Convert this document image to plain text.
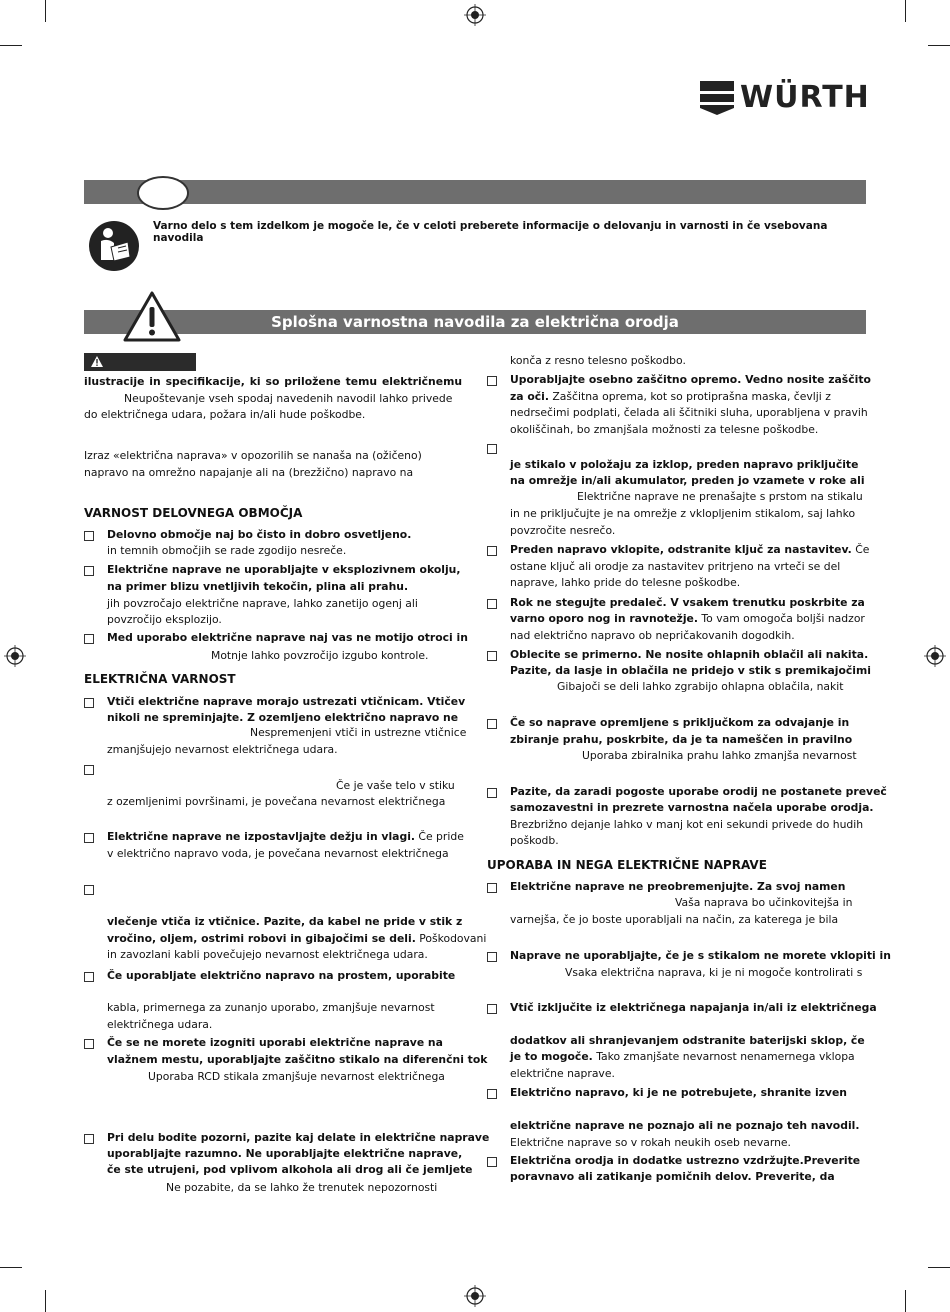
WÜRTH
Varno delo s tem izdelkom je mogoče le, če v celoti preberete informacije o delovanju in varnosti in če vsebovana navodila
Splošna varnostna navodila za električna orodja
ilustracije in specifikacije, ki so priložene temu električnemu
Neupoštevanje vseh spodaj navedenih navodil lahko privede
do električnega udara, požara in/ali hude poškodbe.
Izraz «električna naprava» v opozorilih se nanaša na (ožičeno)
napravo na omrežno napajanje ali na (brezžično) napravo na
VARNOST DELOVNEGA OBMOČJA
Delovno območje naj bo čisto in dobro osvetljeno.
in temnih območjih se rade zgodijo nesreče.
Električne naprave ne uporabljajte v eksplozivnem okolju,
na primer blizu vnetljivih tekočin, plina ali prahu.
jih povzročajo električne naprave, lahko zanetijo ogenj ali
povzročijo eksplozijo.
Med uporabo električne naprave naj vas ne motijo otroci in
Motnje lahko povzročijo izgubo kontrole.
ELEKTRIČNA VARNOST
Vtiči električne naprave morajo ustrezati vtičnicam. Vtičev
nikoli ne spreminjajte. Z ozemljeno električno napravo ne
Nespremenjeni vtiči in ustrezne vtičnice
zmanjšujejo nevarnost električnega udara.
Če je vaše telo v stiku
z ozemljenimi površinami, je povečana nevarnost električnega
Električne naprave ne izpostavljajte dežju in vlagi. Če pride
v električno napravo voda, je povečana nevarnost električnega
vlečenje vtiča iz vtičnice. Pazite, da kabel ne pride v stik z
vročino, oljem, ostrimi robovi in gibajočimi se deli. Poškodovani
in zavozlani kabli povečujejo nevarnost električnega udara.
Če uporabljate električno napravo na prostem, uporabite
kabla, primernega za zunanjo uporabo, zmanjšuje nevarnost
električnega udara.
Če se ne morete izogniti uporabi električne naprave na
vlažnem mestu, uporabljajte zaščitno stikalo na diferenčni tok
Uporaba RCD stikala zmanjšuje nevarnost električnega
Pri delu bodite pozorni, pazite kaj delate in električne naprave
uporabljajte razumno. Ne uporabljajte električne naprave,
če ste utrujeni, pod vplivom alkohola ali drog ali če jemljete
Ne pozabite, da se lahko že trenutek nepozornosti
konča z resno telesno poškodbo.
Uporabljajte osebno zaščitno opremo. Vedno nosite zaščito
za oči. Zaščitna oprema, kot so protiprašna maska, čevlji z
nedrsečimi podplati, čelada ali ščitniki sluha, uporabljena v pravih
okoliščinah, bo zmanjšala možnosti za telesne poškodbe.
je stikalo v položaju za izklop, preden napravo priključite
na omrežje in/ali akumulator, preden jo vzamete v roke ali
Električne naprave ne prenašajte s prstom na stikalu
in ne priključujte je na omrežje z vklopljenim stikalom, saj lahko
povzročite nesrečo.
Preden napravo vklopite, odstranite ključ za nastavitev. Če
ostane ključ ali orodje za nastavitev pritrjeno na vrteči se del
naprave, lahko pride do telesne poškodbe.
Rok ne stegujte predaleč. V vsakem trenutku poskrbite za
varno oporo nog in ravnotežje. To vam omogoča boljši nadzor
nad električno napravo ob nepričakovanih dogodkih.
Oblecite se primerno. Ne nosite ohlapnih oblačil ali nakita.
Pazite, da lasje in oblačila ne pridejo v stik s premikajočimi
Gibajoči se deli lahko zgrabijo ohlapna oblačila, nakit
Če so naprave opremljene s priključkom za odvajanje in
zbiranje prahu, poskrbite, da je ta nameščen in pravilno
Uporaba zbiralnika prahu lahko zmanjša nevarnost
Pazite, da zaradi pogoste uporabe orodij ne postanete preveč
samozavestni in prezrete varnostna načela uporabe orodja.
Brezbrižno dejanje lahko v manj kot eni sekundi privede do hudih
poškodb.
UPORABA IN NEGA ELEKTRIČNE NAPRAVE
Električne naprave ne preobremenjujte. Za svoj namen
Vaša naprava bo učinkovitejša in
varnejša, če jo boste uporabljali na način, za katerega je bila
Naprave ne uporabljajte, če je s stikalom ne morete vklopiti in
Vsaka električna naprava, ki je ni mogoče kontrolirati s
Vtič izključite iz električnega napajanja in/ali iz električnega
dodatkov ali shranjevanjem odstranite baterijski sklop, če
je to mogoče. Tako zmanjšate nevarnost nenamernega vklopa
električne naprave.
Električno napravo, ki je ne potrebujete, shranite izven
električne naprave ne poznajo ali ne poznajo teh navodil.
Električne naprave so v rokah neukih oseb nevarne.
Električna orodja in dodatke ustrezno vzdržujte.Preverite
poravnavo ali zatikanje pomičnih delov. Preverite, da
